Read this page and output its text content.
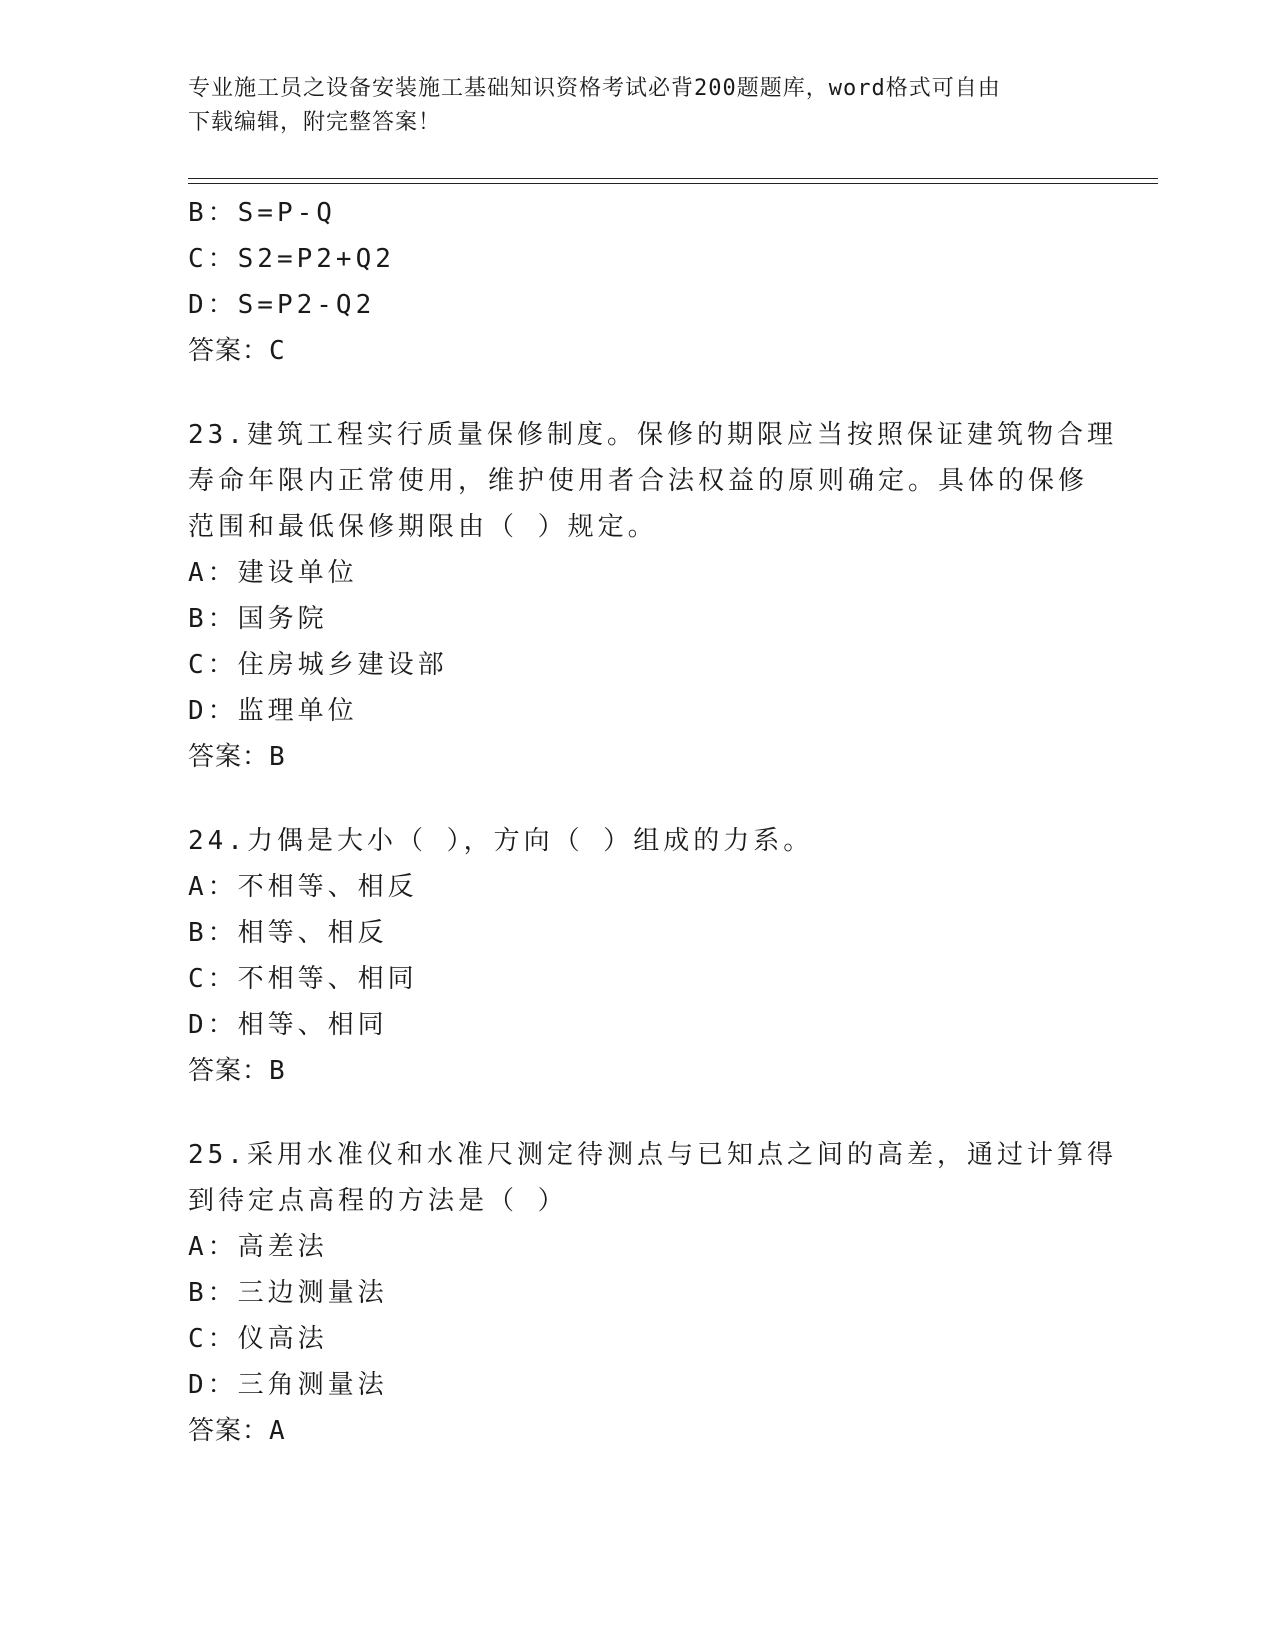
专业施工员之设备安装施工基础知识资格考试必背200题题库，word格式可自由
下载编辑，附完整答案！
B：S=P-Q
C：S2=P2+Q2
D：S=P2-Q2
答案：C
23.建筑工程实行质量保修制度。保修的期限应当按照保证建筑物合理
寿命年限内正常使用，维护使用者合法权益的原则确定。具体的保修
范围和最低保修期限由（ ）规定。
A：建设单位
B：国务院
C：住房城乡建设部
D：监理单位
答案：B
24.力偶是大小（ ），方向（ ）组成的力系。
A：不相等、相反
B：相等、相反
C：不相等、相同
D：相等、相同
答案：B
25.采用水准仪和水准尺测定待测点与已知点之间的高差，通过计算得
到待定点高程的方法是（ ）
A：高差法
B：三边测量法
C：仪高法
D：三角测量法
答案：A
